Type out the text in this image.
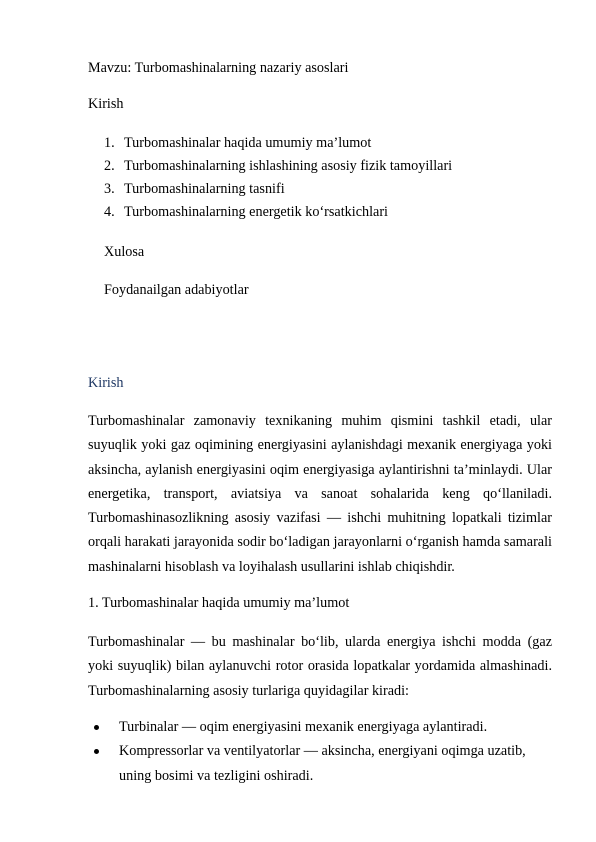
Mavzu: Turbomashinalarning nazariy asoslari
Kirish
1. Turbomashinalar haqida umumiy ma’lumot
2. Turbomashinalarning ishlashining asosiy fizik tamoyillari
3. Turbomashinalarning tasnifi
4. Turbomashinalarning energetik ko‘rsatkichlari
Xulosa
Foydanailgan adabiyotlar
Kirish

Turbomashinalar zamonaviy texnikaning muhim qismini tashkil etadi, ular suyuqlik yoki gaz oqimining energiyasini aylanishdagi mexanik energiyaga yoki aksincha, aylanish energiyasini oqim energiyasiga aylantirishni ta’minlaydi. Ular energetika, transport, aviatsiya va sanoat sohalarida keng qo‘llaniladi. Turbomashinasozlikning asosiy vazifasi — ishchi muhitning lopatkali tizimlar orqali harakati jarayonida sodir bo‘ladigan jarayonlarni o‘rganish hamda samarali mashinalarni hisoblash va loyihalash usullarini ishlab chiqishdir.

1. Turbomashinalar haqida umumiy ma’lumot

Turbomashinalar — bu mashinalar bo‘lib, ularda energiya ishchi modda (gaz yoki suyuqlik) bilan aylanuvchi rotor orasida lopatkalar yordamida almashinadi. Turbomashinalarning asosiy turlariga quyidagilar kiradi:

Turbinalar — oqim energiyasini mexanik energiyaga aylantiradi.
Kompressorlar va ventilyatorlar — aksincha, energiyani oqimga uzatib, uning bosimi va tezligini oshiradi.
